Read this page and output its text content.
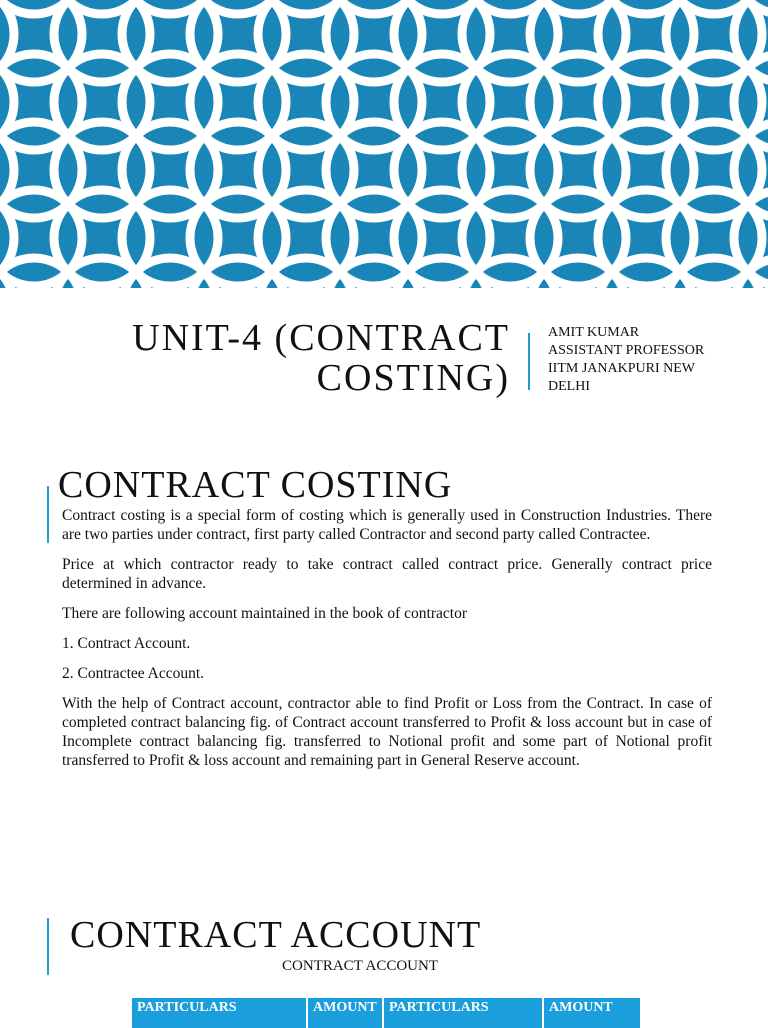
UNIT-4 (CONTRACT
COSTING)
AMIT KUMAR
ASSISTANT PROFESSOR
IITM JANAKPURI NEW
DELHI
CONTRACT COSTING

Contract costing is a special form of costing which is generally used in Construction Industries. There are two parties under contract, first party called Contractor and second party called Contractee.

Price at which contractor ready to take contract called contract price. Generally contract price determined in advance.

There are following account maintained in the book of contractor

1. Contract Account.

2. Contractee Account.

With the help of Contract account, contractor able to find Profit or Loss from the Contract. In case of completed contract balancing fig. of Contract account transferred to Profit & loss account but in case of Incomplete contract balancing fig. transferred to Notional profit and some part of Notional profit transferred to Profit & loss account and remaining part in General Reserve account.

CONTRACT ACCOUNT
CONTRACT ACCOUNT
PARTICULARS	AMOUNT	PARTICULARS	AMOUNT
